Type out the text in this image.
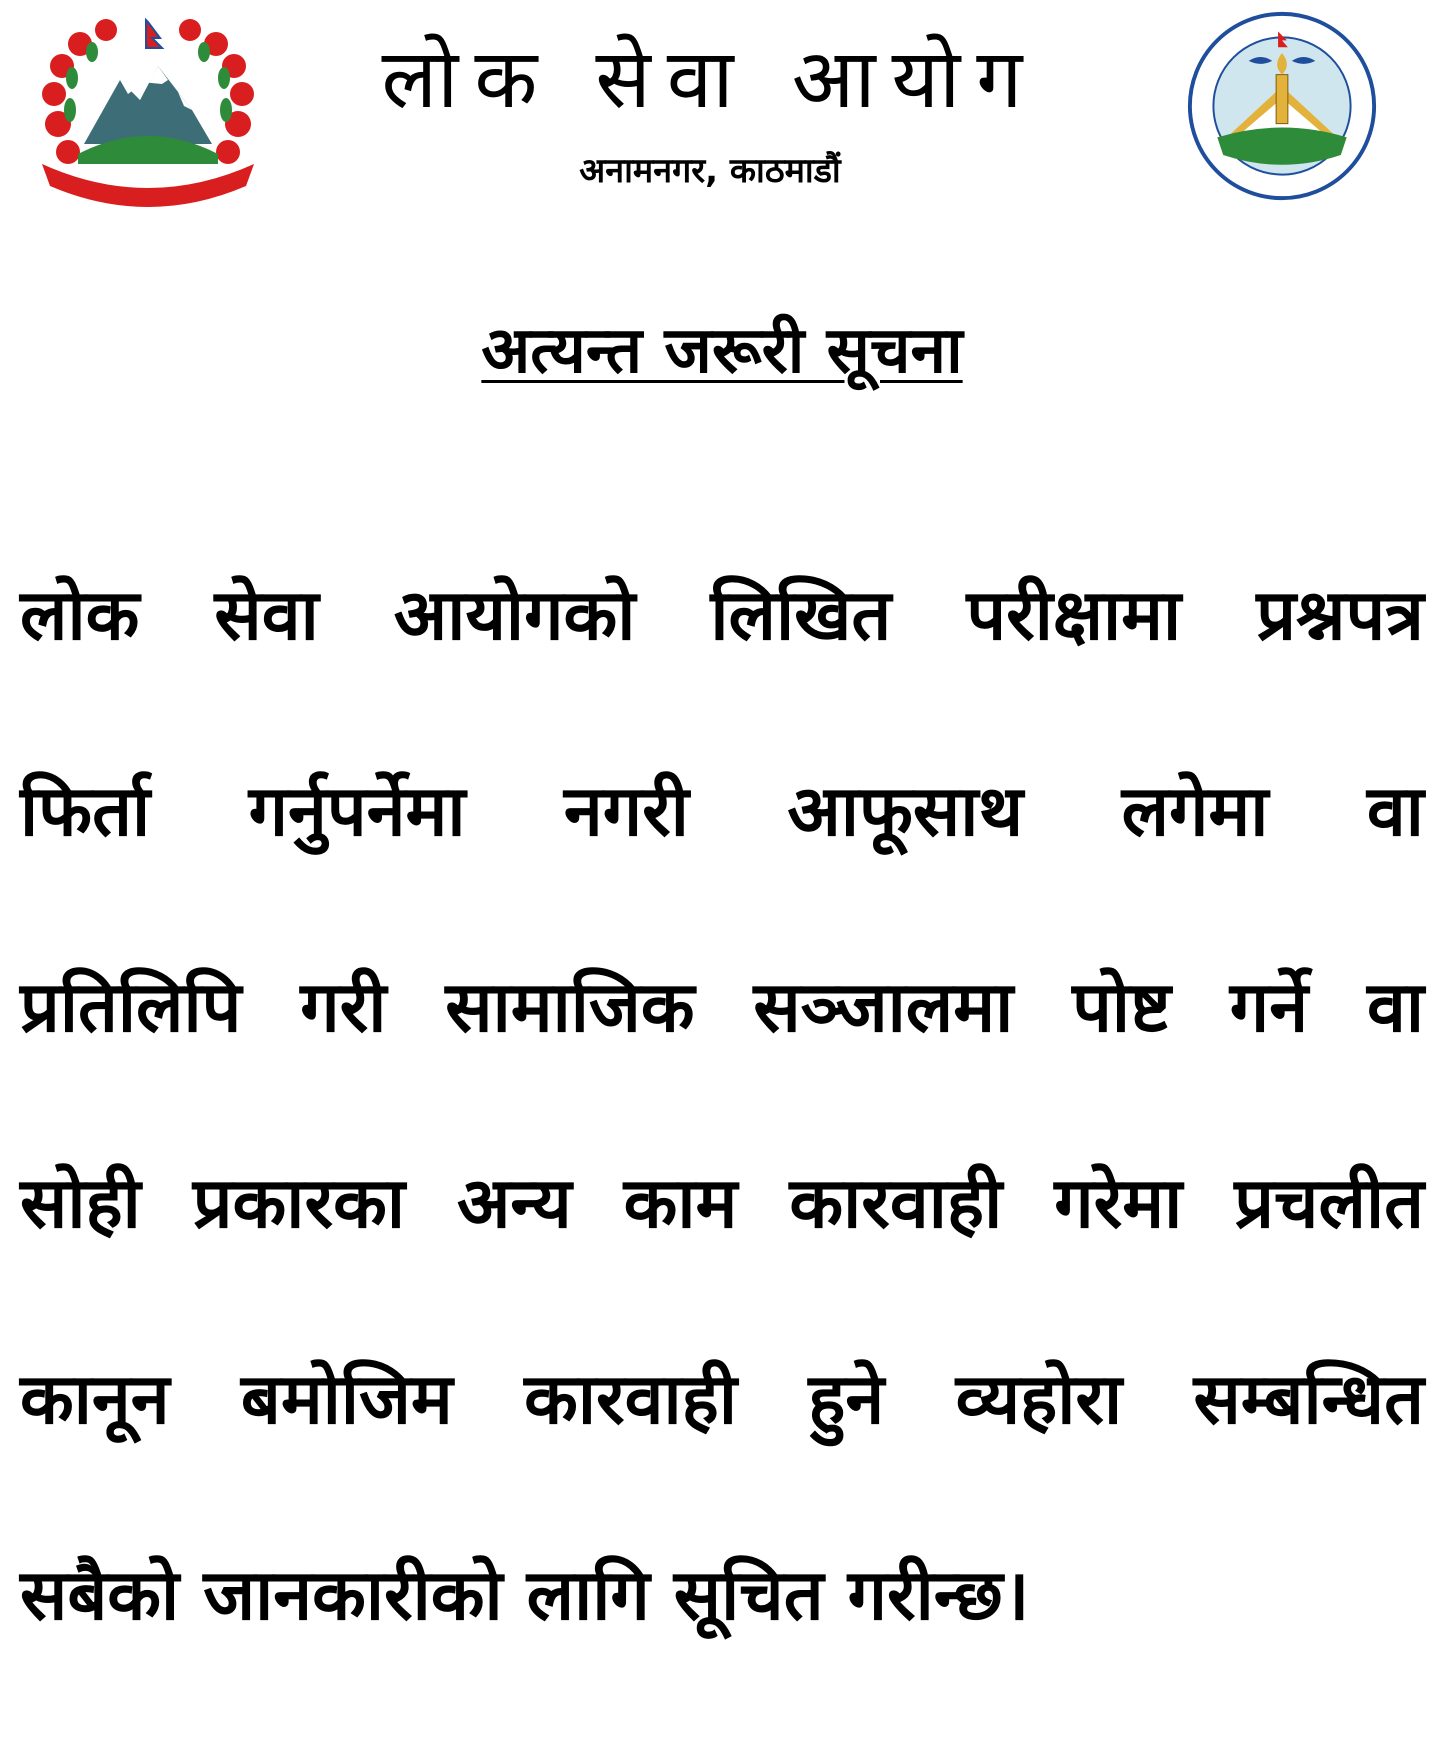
लोक सेवा आयोग
अनामनगर, काठमाडौं
अत्यन्त जरूरी सूचना
लोक सेवा आयोगको लिखित परीक्षामा प्रश्नपत्र
फिर्ता गर्नुपर्नेमा नगरी आफूसाथ लगेमा वा
प्रतिलिपि गरी सामाजिक सञ्जालमा पोष्ट गर्ने वा
सोही प्रकारका अन्य काम कारवाही गरेमा प्रचलीत
कानून बमोजिम कारवाही हुने व्यहोरा सम्बन्धित
सबैको जानकारीको लागि सूचित गरीन्छ।
